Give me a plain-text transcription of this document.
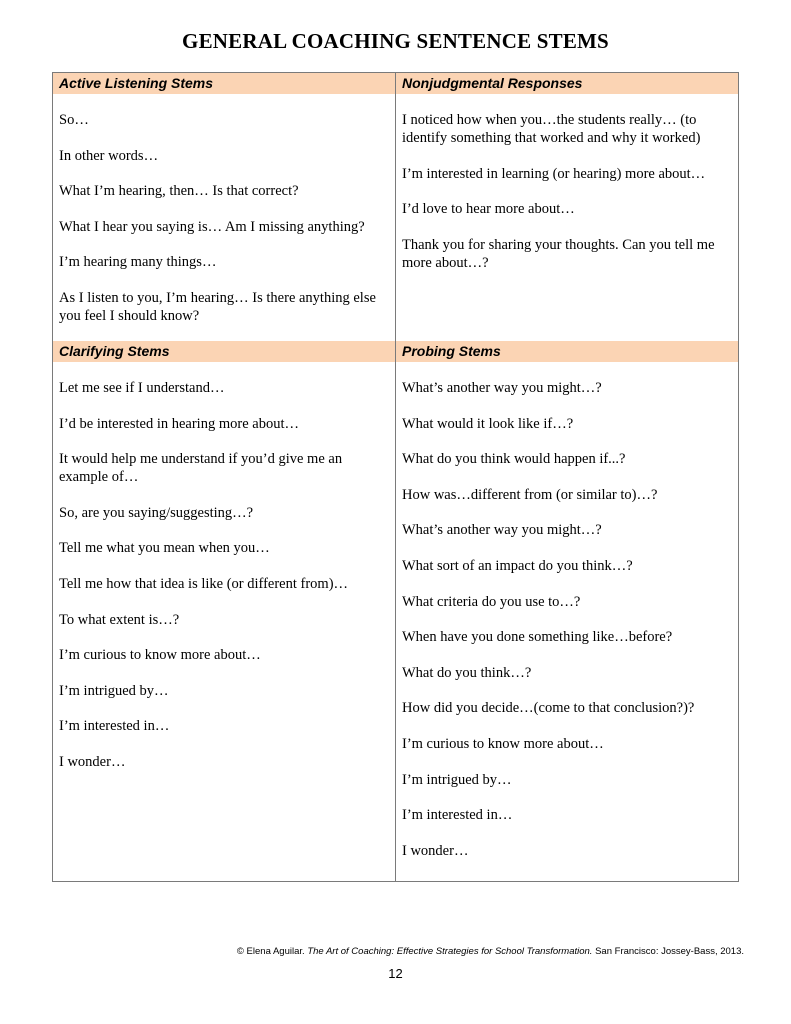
GENERAL COACHING SENTENCE STEMS
Active Listening Stems	Nonjudgmental Responses
So…
In other words…
What I’m hearing, then… Is that correct?
What I hear you saying is… Am I missing anything?
I’m hearing many things…
As I listen to you, I’m hearing… Is there anything else you feel I should know?
I noticed how when you…the students really… (to identify something that worked and why it worked)
I’m interested in learning (or hearing) more about…
I’d love to hear more about…
Thank you for sharing your thoughts. Can you tell me more about…?
Clarifying Stems	Probing Stems
Let me see if I understand…
I’d be interested in hearing more about…
It would help me understand if you’d give me an example of…
So, are you saying/suggesting…?
Tell me what you mean when you…
Tell me how that idea is like (or different from)…
To what extent is…?
I’m curious to know more about…
I’m intrigued by…
I’m interested in…
I wonder…
What’s another way you might…?
What would it look like if…?
What do you think would happen if...?
How was…different from (or similar to)…?
What’s another way you might…?
What sort of an impact do you think…?
What criteria do you use to…?
When have you done something like…before?
What do you think…?
How did you decide…(come to that conclusion?)?
I’m curious to know more about…
I’m intrigued by…
I’m interested in…
I wonder…
© Elena Aguilar. The Art of Coaching: Effective Strategies for School Transformation. San Francisco: Jossey-Bass, 2013.
12
